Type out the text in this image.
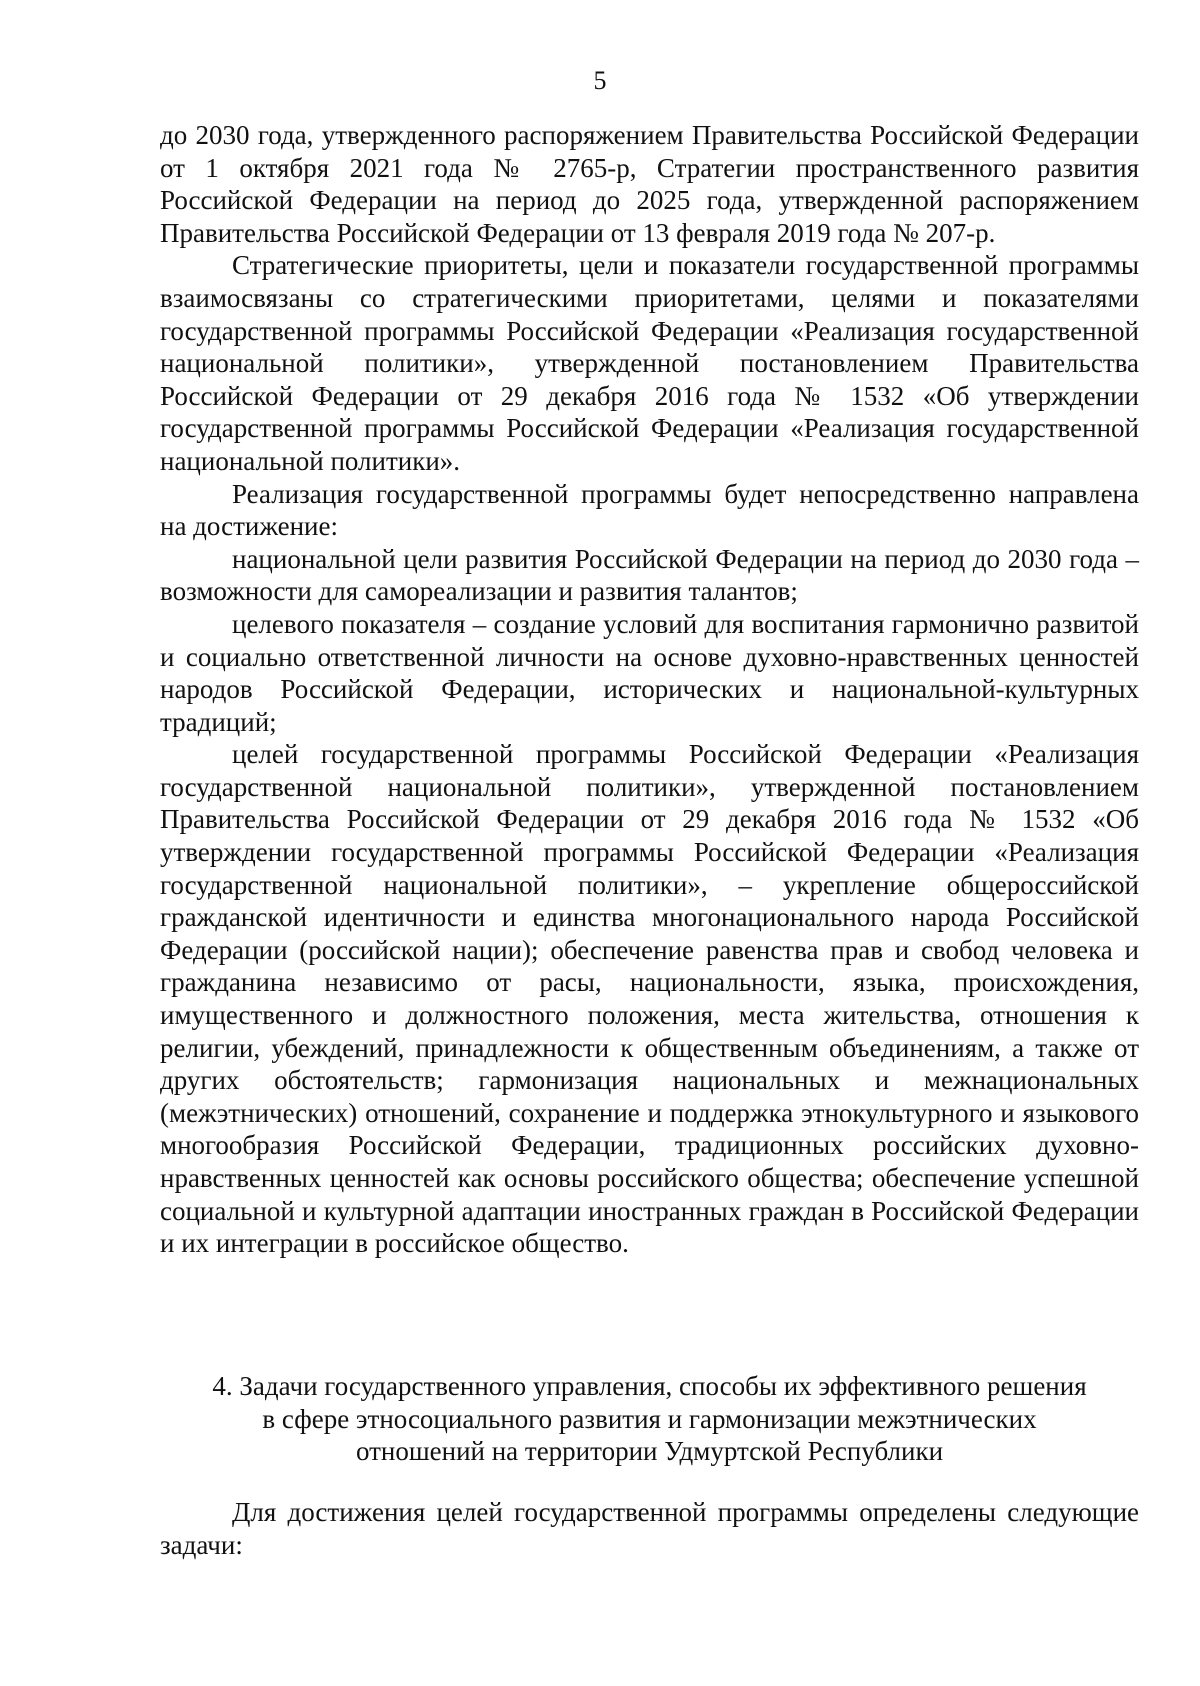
5

до 2030 года, утвержденного распоряжением Правительства Российской Федерации от 1 октября 2021 года № 2765-р, Стратегии пространственного развития Российской Федерации на период до 2025 года, утвержденной распоряжением Правительства Российской Федерации от 13 февраля 2019 года № 207-р.

Стратегические приоритеты, цели и показатели государственной программы взаимосвязаны со стратегическими приоритетами, целями и показателями государственной программы Российской Федерации «Реализация государственной национальной политики», утвержденной постановлением Правительства Российской Федерации от 29 декабря 2016 года № 1532 «Об утверждении государственной программы Российской Федерации «Реализация государственной национальной политики».

Реализация государственной программы будет непосредственно направлена на достижение:

национальной цели развития Российской Федерации на период до 2030 года – возможности для самореализации и развития талантов;

целевого показателя – создание условий для воспитания гармонично развитой и социально ответственной личности на основе духовно-нравственных ценностей народов Российской Федерации, исторических и национальной-культурных традиций;

целей государственной программы Российской Федерации «Реализация государственной национальной политики», утвержденной постановлением Правительства Российской Федерации от 29 декабря 2016 года № 1532 «Об утверждении государственной программы Российской Федерации «Реализация государственной национальной политики», – укрепление общероссийской гражданской идентичности и единства многонационального народа Российской Федерации (российской нации); обеспечение равенства прав и свобод человека и гражданина независимо от расы, национальности, языка, происхождения, имущественного и должностного положения, места жительства, отношения к религии, убеждений, принадлежности к общественным объединениям, а также от других обстоятельств; гармонизация национальных и межнациональных (межэтнических) отношений, сохранение и поддержка этнокультурного и языкового многообразия Российской Федерации, традиционных российских духовно-нравственных ценностей как основы российского общества; обеспечение успешной социальной и культурной адаптации иностранных граждан в Российской Федерации и их интеграции в российское общество.

4. Задачи государственного управления, способы их эффективного решения
в сфере этносоциального развития и гармонизации межэтнических
отношений на территории Удмуртской Республики

Для достижения целей государственной программы определены следующие задачи:
